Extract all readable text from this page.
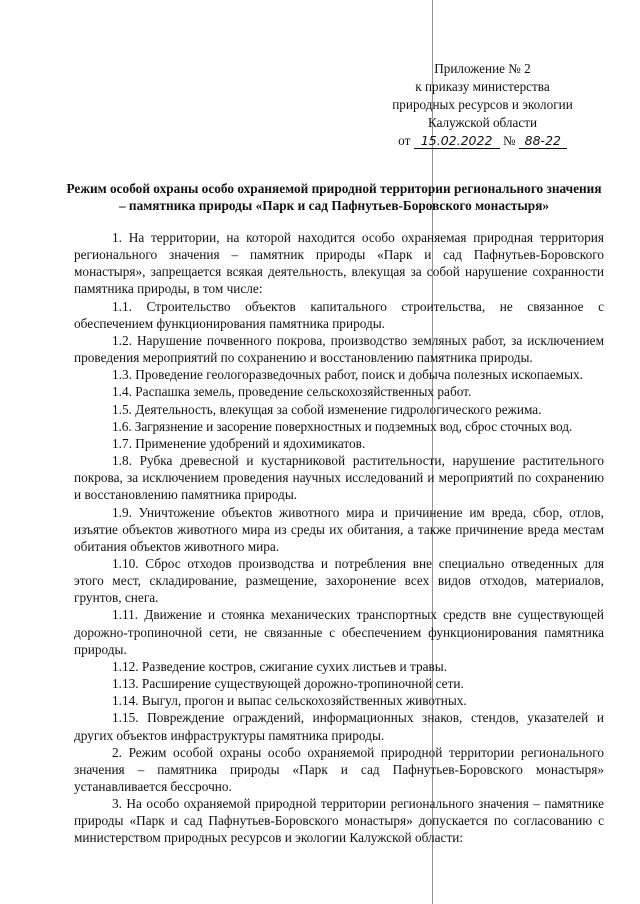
Приложение № 2
к приказу министерства
природных ресурсов и экологии
Калужской области
от 15.02.2022 № 88-22
Режим особой охраны особо охраняемой природной территории регионального значения – памятника природы «Парк и сад Пафнутьев-Боровского монастыря»

1. На территории, на которой находится особо охраняемая природная территория регионального значения – памятник природы «Парк и сад Пафнутьев-Боровского монастыря», запрещается всякая деятельность, влекущая за собой нарушение сохранности памятника природы, в том числе:

1.1. Строительство объектов капитального строительства, не связанное с обеспечением функционирования памятника природы.

1.2. Нарушение почвенного покрова, производство земляных работ, за исключением проведения мероприятий по сохранению и восстановлению памятника природы.

1.3. Проведение геологоразведочных работ, поиск и добыча полезных ископаемых.

1.4. Распашка земель, проведение сельскохозяйственных работ.

1.5. Деятельность, влекущая за собой изменение гидрологического режима.

1.6. Загрязнение и засорение поверхностных и подземных вод, сброс сточных вод.

1.7. Применение удобрений и ядохимикатов.

1.8. Рубка древесной и кустарниковой растительности, нарушение растительного покрова, за исключением проведения научных исследований и мероприятий по сохранению и восстановлению памятника природы.

1.9. Уничтожение объектов животного мира и причинение им вреда, сбор, отлов, изъятие объектов животного мира из среды их обитания, а также причинение вреда местам обитания объектов животного мира.

1.10. Сброс отходов производства и потребления вне специально отведенных для этого мест, складирование, размещение, захоронение всех видов отходов, материалов, грунтов, снега.

1.11. Движение и стоянка механических транспортных средств вне существующей дорожно-тропиночной сети, не связанные с обеспечением функционирования памятника природы.

1.12. Разведение костров, сжигание сухих листьев и травы.

1.13. Расширение существующей дорожно-тропиночной сети.

1.14. Выгул, прогон и выпас сельскохозяйственных животных.

1.15. Повреждение ограждений, информационных знаков, стендов, указателей и других объектов инфраструктуры памятника природы.

2. Режим особой охраны особо охраняемой природной территории регионального значения – памятника природы «Парк и сад Пафнутьев-Боровского монастыря» устанавливается бессрочно.

3. На особо охраняемой природной территории регионального значения – памятнике природы «Парк и сад Пафнутьев-Боровского монастыря» допускается по согласованию с министерством природных ресурсов и экологии Калужской области:
